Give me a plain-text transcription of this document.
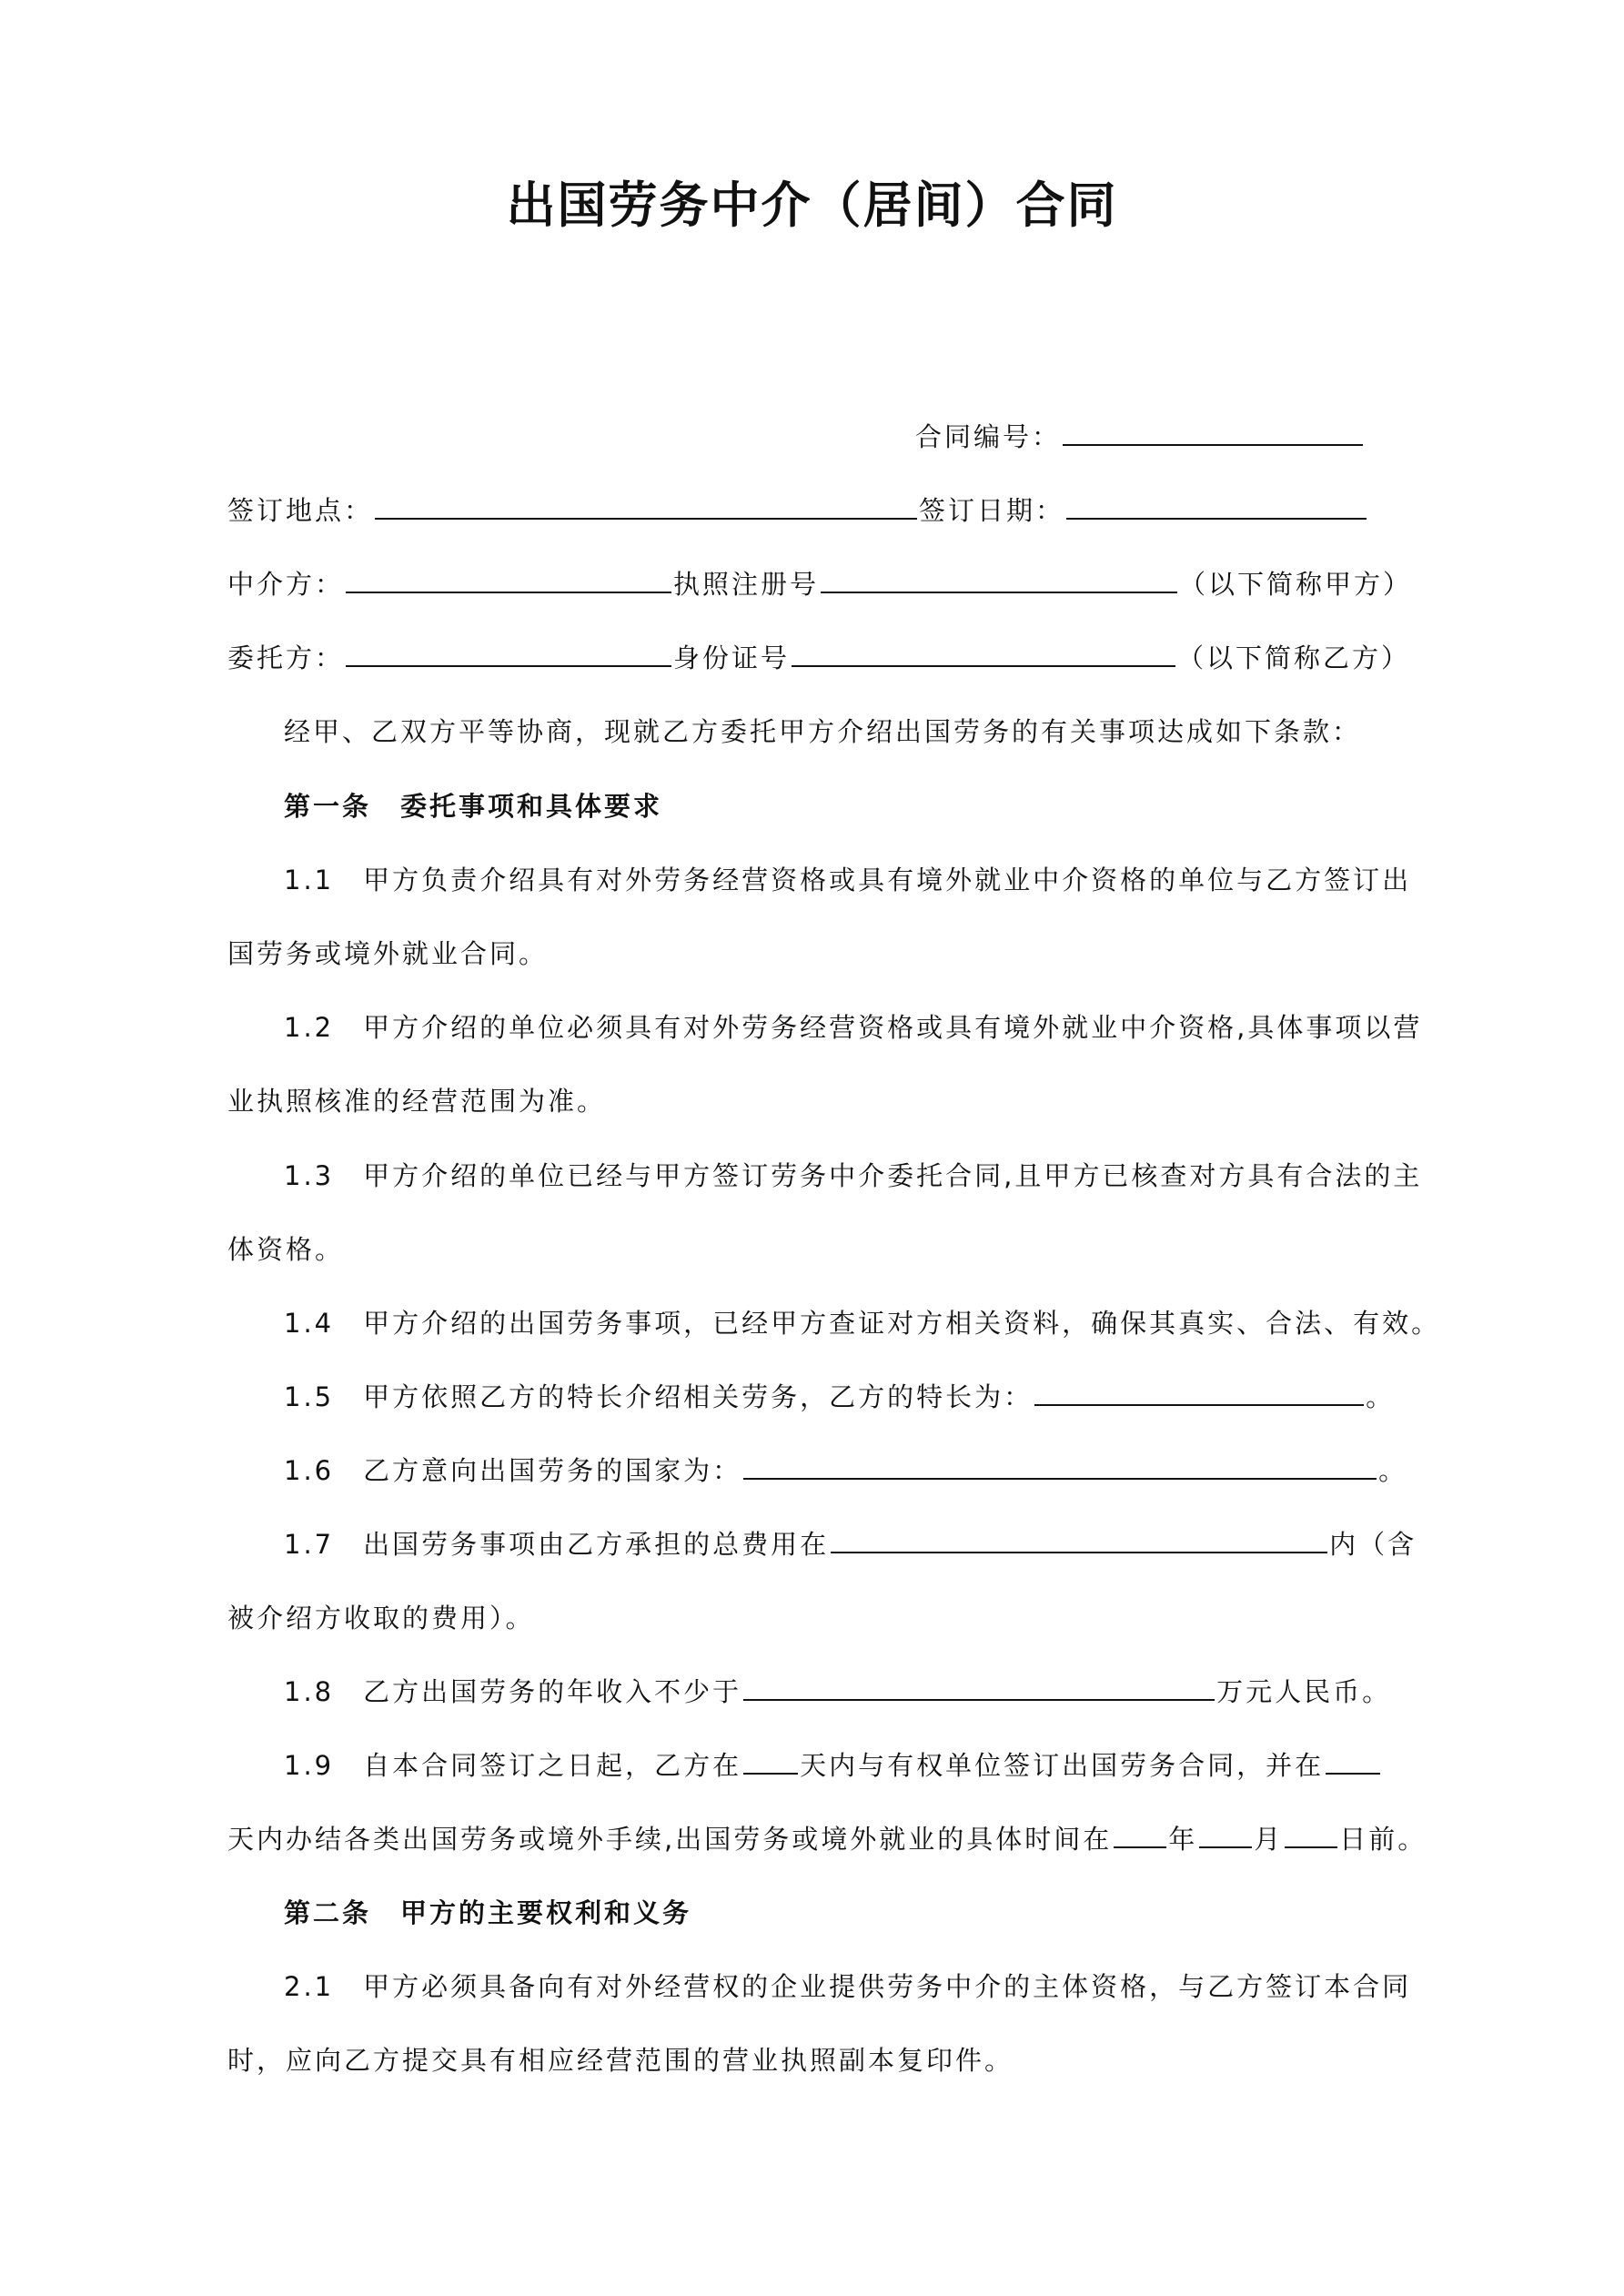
出国劳务中介（居间）合同
合同编号：
签订地点：	签订日期：
中介方：	执照注册号	（以下简称甲方）
委托方：	身份证号	（以下简称乙方）
经甲、乙双方平等协商，现就乙方委托甲方介绍出国劳务的有关事项达成如下条款：
第一条　委托事项和具体要求
1.1　甲方负责介绍具有对外劳务经营资格或具有境外就业中介资格的单位与乙方签订出
国劳务或境外就业合同。
1.2　甲方介绍的单位必须具有对外劳务经营资格或具有境外就业中介资格,具体事项以营
业执照核准的经营范围为准。
1.3　甲方介绍的单位已经与甲方签订劳务中介委托合同,且甲方已核查对方具有合法的主
体资格。
1.4　甲方介绍的出国劳务事项，已经甲方查证对方相关资料，确保其真实、合法、有效。
1.5　甲方依照乙方的特长介绍相关劳务，乙方的特长为：	。
1.6　乙方意向出国劳务的国家为：	。
1.7　出国劳务事项由乙方承担的总费用在	内（含
被介绍方收取的费用）。
1.8　乙方出国劳务的年收入不少于	万元人民币。
1.9　自本合同签订之日起，乙方在 天内与有权单位签订出国劳务合同，并在
天内办结各类出国劳务或境外手续,出国劳务或境外就业的具体时间在 年 月 日前。
第二条　甲方的主要权利和义务
2.1　甲方必须具备向有对外经营权的企业提供劳务中介的主体资格，与乙方签订本合同
时，应向乙方提交具有相应经营范围的营业执照副本复印件。
